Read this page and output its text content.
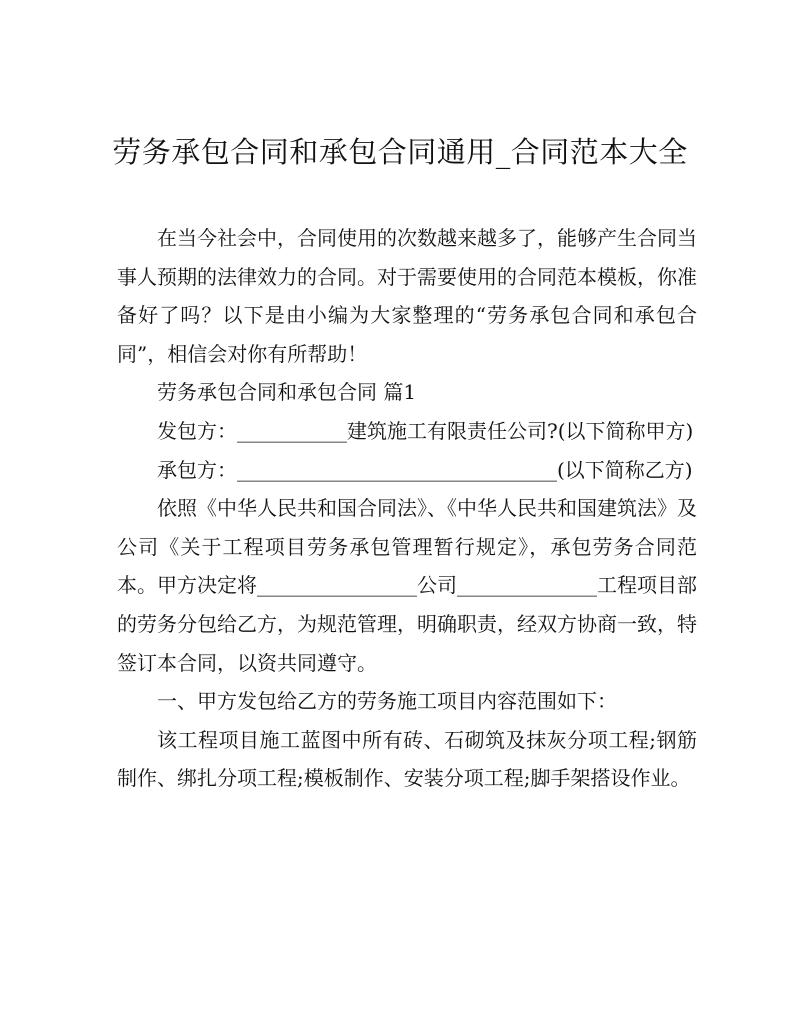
劳务承包合同和承包合同通用_合同范本大全

在当今社会中，合同使用的次数越来越多了，能够产生合同当事人预期的法律效力的合同。对于需要使用的合同范本模板，你准备好了吗？以下是由小编为大家整理的“劳务承包合同和承包合同”，相信会对你有所帮助！

劳务承包合同和承包合同 篇1

发包方：___________建筑施工有限责任公司?(以下简称甲方)

承包方：________________________________(以下简称乙方)

依照《中华人民共和国合同法》、《中华人民共和国建筑法》及公司《关于工程项目劳务承包管理暂行规定》，承包劳务合同范本。甲方决定将________________公司______________工程项目部的劳务分包给乙方，为规范管理，明确职责，经双方协商一致，特签订本合同，以资共同遵守。

一、甲方发包给乙方的劳务施工项目内容范围如下：

该工程项目施工蓝图中所有砖、石砌筑及抹灰分项工程;钢筋制作、绑扎分项工程;模板制作、安装分项工程;脚手架搭设作业。
